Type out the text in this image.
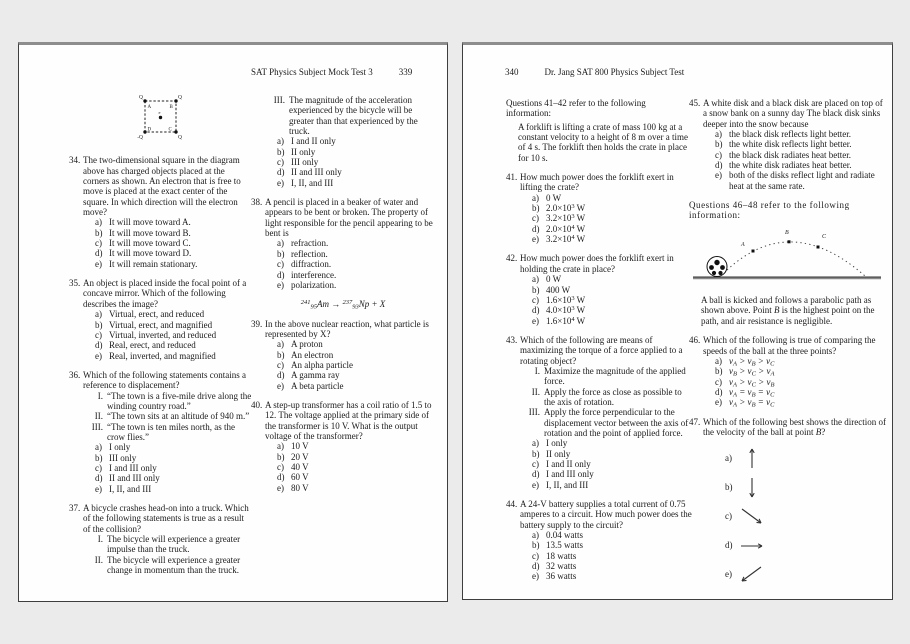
SAT Physics Subject Mock Test 3	339
Q	Q
-Q	Q
A	B
D	C
e
34. The two-dimensional square in the diagram above has charged objects placed at the corners as shown. An electron that is free to move is placed at the exact center of the square. In which direction will the electron move?
a) It will move toward A.
b) It will move toward B.
c) It will move toward C.
d) It will move toward D.
e) It will remain stationary.
35. An object is placed inside the focal point of a concave mirror. Which of the following describes the image?
a) Virtual, erect, and reduced
b) Virtual, erect, and magnified
c) Virtual, inverted, and reduced
d) Real, erect, and reduced
e) Real, inverted, and magnified
36. Which of the following statements contains a reference to displacement?
I. “The town is a five-mile drive along the winding country road.”
II. “The town sits at an altitude of 940 m.”
III. “The town is ten miles north, as the crow flies.”
a) I only
b) III only
c) I and III only
d) II and III only
e) I, II, and III
37. A bicycle crashes head-on into a truck. Which of the following statements is true as a result of the collision?
I. The bicycle will experience a greater impulse than the truck.
II. The bicycle will experience a greater change in momentum than the truck.
III. The magnitude of the acceleration experienced by the bicycle will be greater than that experienced by the truck.
a) I and II only
b) II only
c) III only
d) II and III only
e) I, II, and III
38. A pencil is placed in a beaker of water and appears to be bent or broken. The property of light responsible for the pencil appearing to be bent is
a) refraction.
b) reflection.
c) diffraction.
d) interference.
e) polarization.
$^{241}_{95}$Am → $^{237}_{93}$Np + X
39. In the above nuclear reaction, what particle is represented by X?
a) A proton
b) An electron
c) An alpha particle
d) A gamma ray
e) A beta particle
40. A step-up transformer has a coil ratio of 1.5 to 12. The voltage applied at the primary side of the transformer is 10 V. What is the output voltage of the transformer?
a) 10 V
b) 20 V
c) 40 V
d) 60 V
e) 80 V
340	Dr. Jang SAT 800 Physics Subject Test
Questions 41–42 refer to the following information:
A forklift is lifting a crate of mass 100 kg at a constant velocity to a height of 8 m over a time of 4 s. The forklift then holds the crate in place for 10 s.
41. How much power does the forklift exert in lifting the crate?
a) 0 W
b) $2.0\times 10^3$ W
c) $3.2\times 10^3$ W
d) $2.0\times 10^4$ W
e) $3.2\times 10^4$ W
42. How much power does the forklift exert in holding the crate in place?
a) 0 W
b) 400 W
c) $1.6\times 10^3$ W
d) $4.0\times 10^3$ W
e) $1.6\times 10^4$ W
43. Which of the following are means of maximizing the torque of a force applied to a rotating object?
I. Maximize the magnitude of the applied force.
II. Apply the force as close as possible to the axis of rotation.
III. Apply the force perpendicular to the displacement vector between the axis of rotation and the point of applied force.
a) I only
b) II only
c) I and II only
d) I and III only
e) I, II, and III
44. A 24-V battery supplies a total current of 0.75 amperes to a circuit. How much power does the battery supply to the circuit?
a) 0.04 watts
b) 13.5 watts
c) 18 watts
d) 32 watts
e) 36 watts
45. A white disk and a black disk are placed on top of a snow bank on a sunny day The black disk sinks deeper into the snow because
a) the black disk reflects light better.
b) the white disk reflects light better.
c) the black disk radiates heat better.
d) the white disk radiates heat better.
e) both of the disks reflect light and radiate heat at the same rate.
Questions 46–48 refer to the following information:
A
B
C
A ball is kicked and follows a parabolic path as shown above. Point B is the highest point on the path, and air resistance is negligible.
46. Which of the following is true of comparing the speeds of the ball at the three points?
a) $v_A > v_B > v_C$
b) $v_B > v_C > v_A$
c) $v_A > v_C > v_B$
d) $v_A = v_B = v_C$
e) $v_A > v_B = v_C$
47. Which of the following best shows the direction of the velocity of the ball at point B?
a)
b)
c)
d)
e)
